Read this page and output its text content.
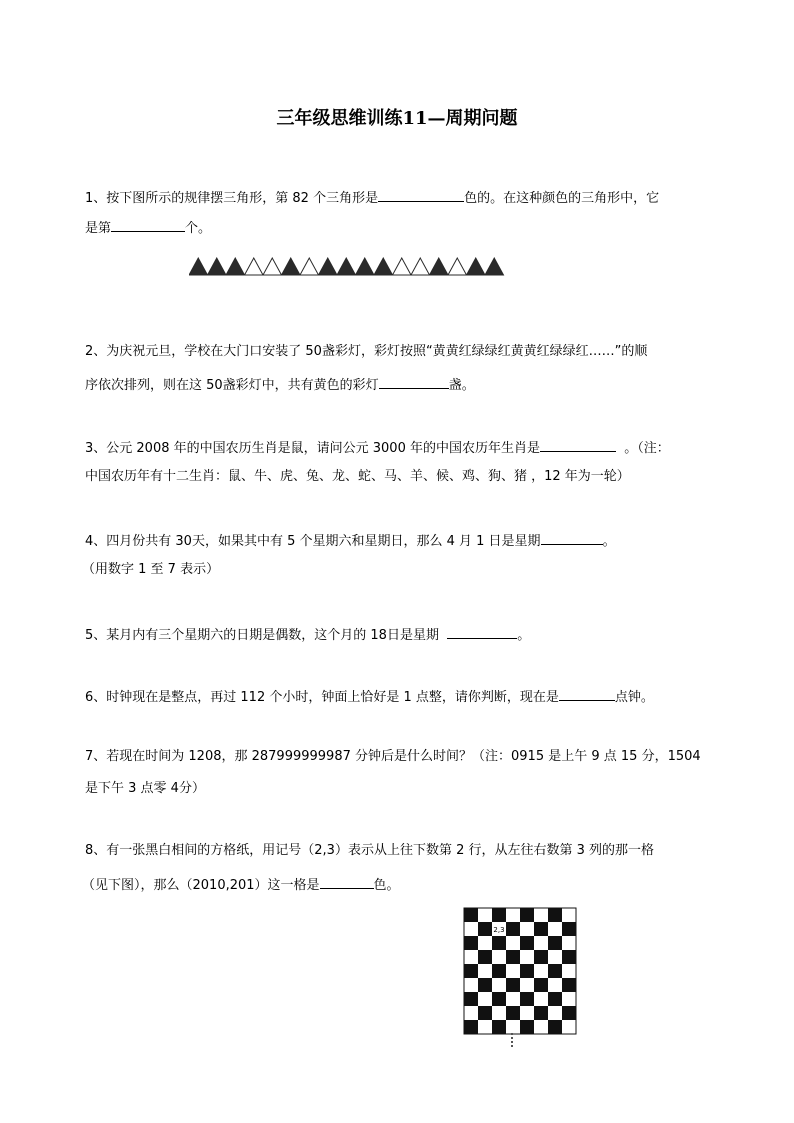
三年级思维训练11—周期问题
1、按下图所示的规律摆三角形，第 82 个三角形是	色的。在这种颜色的三角形中，它
是第	个。
2、为庆祝元旦，学校在大门口安装了 50盏彩灯，彩灯按照“黄黄红绿绿红黄黄红绿绿红……”的顺
序依次排列，则在这 50盏彩灯中，共有黄色的彩灯	盏。
3、公元 2008 年的中国农历生肖是鼠，请问公元 3000 年的中国农历年生肖是	。（注：
中国农历年有十二生肖：鼠、牛、虎、兔、龙、蛇、马、羊、候、鸡、狗、猪 ，12 年为一轮）
4、四月份共有 30天，如果其中有 5 个星期六和星期日，那么 4 月 1 日是星期	。
（用数字 1 至 7 表示）
5、某月内有三个星期六的日期是偶数，这个月的 18日是星期	。
6、时钟现在是整点，再过 112 个小时，钟面上恰好是 1 点整，请你判断，现在是	点钟。
7、若现在时间为 1208，那 287999999987 分钟后是什么时间？（注：0915 是上午 9 点 15 分，1504
是下午 3 点零 4分）
8、有一张黑白相间的方格纸，用记号（2,3）表示从上往下数第 2 行，从左往右数第 3 列的那一格
（见下图），那么（2010,201）这一格是	色。
2,3
